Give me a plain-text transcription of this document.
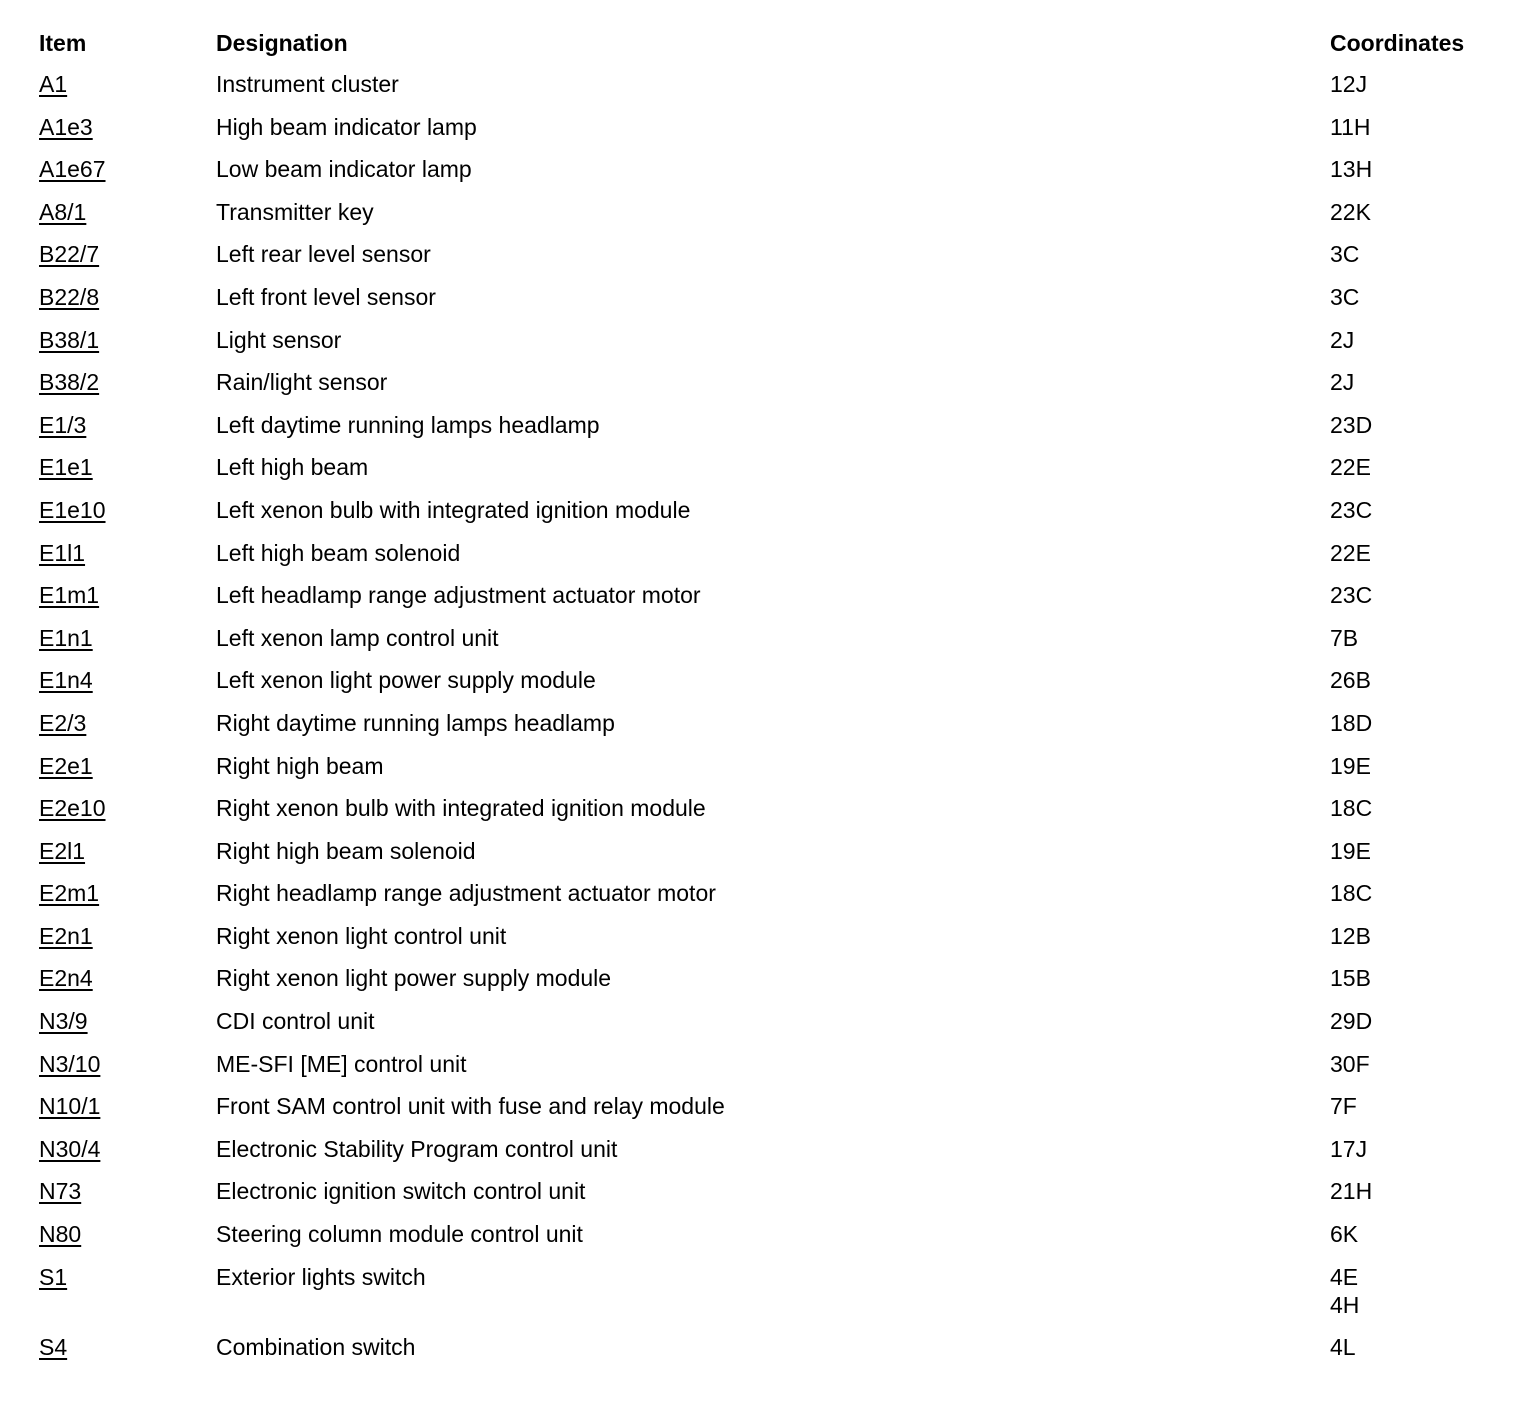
Item	Designation	Coordinates
A1	Instrument cluster	12J

A1e3	High beam indicator lamp	11H

A1e67	Low beam indicator lamp	13H

A8/1	Transmitter key	22K

B22/7	Left rear level sensor	3C

B22/8	Left front level sensor	3C

B38/1	Light sensor	2J

B38/2	Rain/light sensor	2J

E1/3	Left daytime running lamps headlamp	23D

E1e1	Left high beam	22E

E1e10	Left xenon bulb with integrated ignition module	23C

E1l1	Left high beam solenoid	22E

E1m1	Left headlamp range adjustment actuator motor	23C

E1n1	Left xenon lamp control unit	7B

E1n4	Left xenon light power supply module	26B

E2/3	Right daytime running lamps headlamp	18D

E2e1	Right high beam	19E

E2e10	Right xenon bulb with integrated ignition module	18C

E2l1	Right high beam solenoid	19E

E2m1	Right headlamp range adjustment actuator motor	18C

E2n1	Right xenon light control unit	12B

E2n4	Right xenon light power supply module	15B

N3/9	CDI control unit	29D

N3/10	ME-SFI [ME] control unit	30F

N10/1	Front SAM control unit with fuse and relay module	7F

N30/4	Electronic Stability Program control unit	17J

N73	Electronic ignition switch control unit	21H

N80	Steering column module control unit	6K

S1	Exterior lights switch	4E
4H

S4	Combination switch	4L
